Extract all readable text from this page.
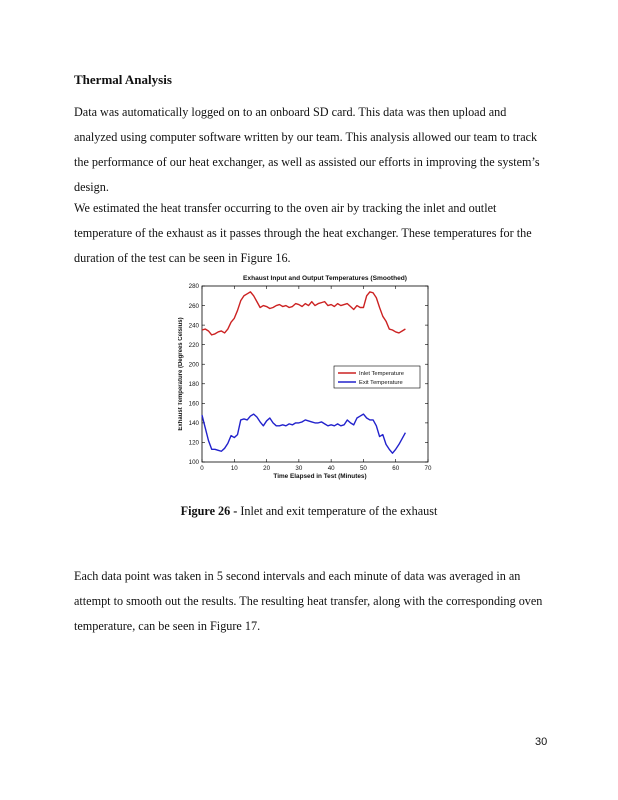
Thermal Analysis
Data was automatically logged on to an onboard SD card. This data was then upload and
analyzed using computer software written by our team. This analysis allowed our team to track
the performance of our heat exchanger, as well as assisted our efforts in improving the system’s
design.
We estimated the heat transfer occurring to the oven air by tracking the inlet and outlet
temperature of the exhaust as it passes through the heat exchanger. These temperatures for the
duration of the test can be seen in Figure 16.
Exhaust Input and Output Temperatures (Smoothed)
0	10	20	30	40	50	60	70
100
120
140
160
180
200
220
240
260
280
Time Elapsed in Test (Minutes)
Exhaust Temperature (Degrees Celsius)	Inlet Temperature
Exit Temperature
Figure 26 - Inlet and exit temperature of the exhaust
Each data point was taken in 5 second intervals and each minute of data was averaged in an
attempt to smooth out the results. The resulting heat transfer, along with the corresponding oven
temperature, can be seen in Figure 17.
30
